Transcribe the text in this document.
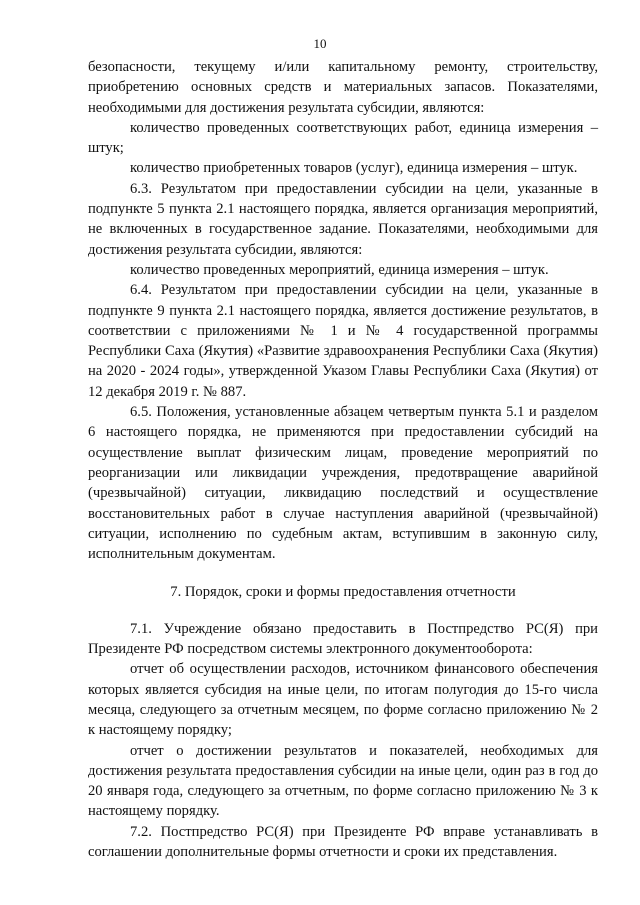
10

безопасности, текущему и/или капитальному ремонту, строительству, приобретению основных средств и материальных запасов. Показателями, необходимыми для достижения результата субсидии, являются:

количество проведенных соответствующих работ, единица измерения – штук;

количество приобретенных товаров (услуг), единица измерения – штук.

6.3. Результатом при предоставлении субсидии на цели, указанные в подпункте 5 пункта 2.1 настоящего порядка, является организация мероприятий, не включенных в государственное задание. Показателями, необходимыми для достижения результата субсидии, являются:

количество проведенных мероприятий, единица измерения – штук.

6.4. Результатом при предоставлении субсидии на цели, указанные в подпункте 9 пункта 2.1 настоящего порядка, является достижение результатов, в соответствии с приложениями № 1 и № 4 государственной программы Республики Саха (Якутия) «Развитие здравоохранения Республики Саха (Якутия) на 2020 - 2024 годы», утвержденной Указом Главы Республики Саха (Якутия) от 12 декабря 2019 г. № 887.

6.5. Положения, установленные абзацем четвертым пункта 5.1 и разделом 6 настоящего порядка, не применяются при предоставлении субсидий на осуществление выплат физическим лицам, проведение мероприятий по реорганизации или ликвидации учреждения, предотвращение аварийной (чрезвычайной) ситуации, ликвидацию последствий и осуществление восстановительных работ в случае наступления аварийной (чрезвычайной) ситуации, исполнению по судебным актам, вступившим в законную силу, исполнительным документам.

7. Порядок, сроки и формы предоставления отчетности

7.1. Учреждение обязано предоставить в Постпредство РС(Я) при Президенте РФ посредством системы электронного документооборота:

отчет об осуществлении расходов, источником финансового обеспечения которых является субсидия на иные цели, по итогам полугодия до 15-го числа месяца, следующего за отчетным месяцем, по форме согласно приложению № 2 к настоящему порядку;

отчет о достижении результатов и показателей, необходимых для достижения результата предоставления субсидии на иные цели, один раз в год до 20 января года, следующего за отчетным, по форме согласно приложению № 3 к настоящему порядку.

7.2. Постпредство РС(Я) при Президенте РФ вправе устанавливать в соглашении дополнительные формы отчетности и сроки их представления.
